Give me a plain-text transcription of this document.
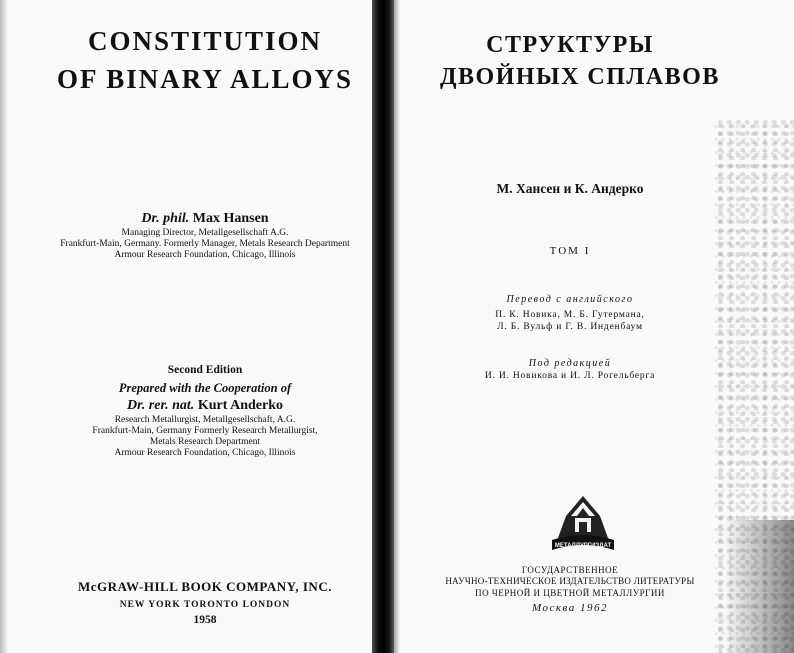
CONSTITUTION
OF BINARY ALLOYS
Dr. phil. Max Hansen
Managing Director, Metallgesellschaft A.G.
Frankfurt-Main, Germany. Formerly Manager, Metals Research Department
Armour Research Foundation, Chicago, Illinois
Second Edition
Prepared with the Cooperation of
Dr. rer. nat. Kurt Anderko
Research Metallurgist, Metallgesellschaft, A.G.
Frankfurt-Main, Germany Formerly Research Metallurgist,
Metals Research Department
Armour Research Foundation, Chicago, Illinois
McGRAW-HILL BOOK COMPANY, INC.
NEW YORK TORONTO LONDON
1958
СТРУКТУРЫ
ДВОЙНЫХ СПЛАВОВ
М. Хансен и К. Андерко
ТОМ I
Перевод с английского
П. К. Новика, М. Б. Гутермана,
Л. Б. Вульф и Г. В. Инденбаум
Под редакцией
И. И. Новикова и И. Л. Рогельберга
МЕТАЛЛУРГИЗДАТ
ГОСУДАРСТВЕННОЕ
НАУЧНО-ТЕХНИЧЕСКОЕ ИЗДАТЕЛЬСТВО ЛИТЕРАТУРЫ
ПО ЧЕРНОЙ И ЦВЕТНОЙ МЕТАЛЛУРГИИ
Москва 1962
